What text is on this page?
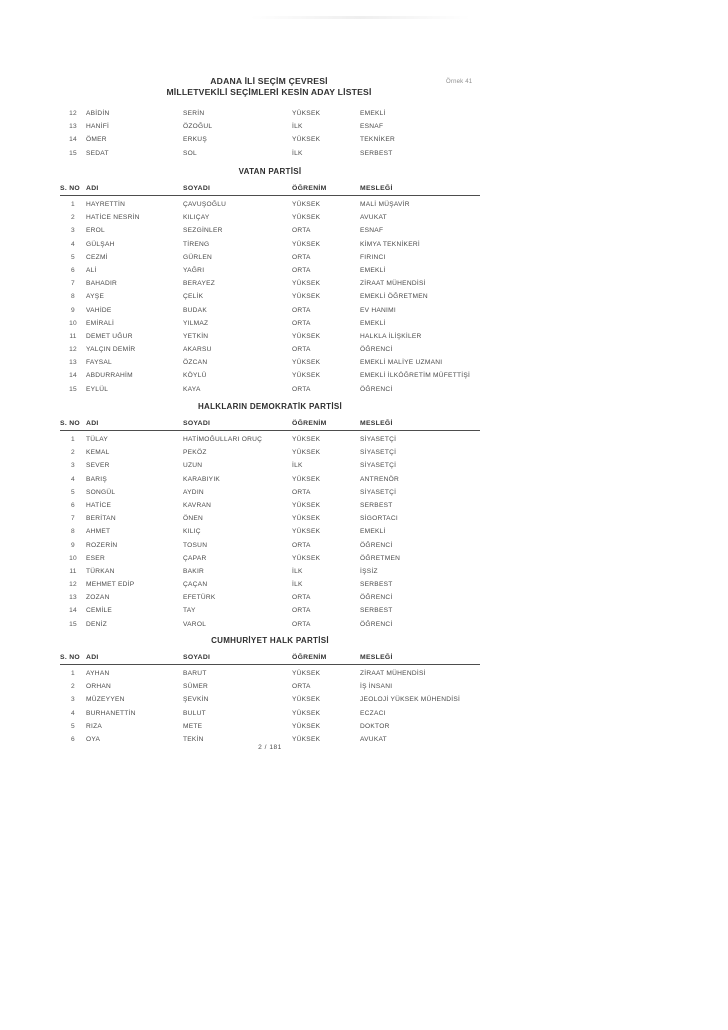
ADANA İLİ SEÇİM ÇEVRESİ
MİLLETVEKİLİ SEÇİMLERİ KESİN ADAY LİSTESİ
Örnek 41
12	ABİDİN	SERİN	YÜKSEK	EMEKLİ
13	HANİFİ	ÖZOĞUL	İLK	ESNAF
14	ÖMER	ERKUŞ	YÜKSEK	TEKNİKER
15	SEDAT	SOL	İLK	SERBEST
VATAN PARTİSİ
S. NO ADI	SOYADI	ÖĞRENİM	MESLEĞİ
1	HAYRETTİN	ÇAVUŞOĞLU	YÜKSEK	MALİ MÜŞAVİR
2	HATİCE NESRİN	KILIÇAY	YÜKSEK	AVUKAT
3	EROL	SEZGİNLER	ORTA	ESNAF
4	GÜLŞAH	TİRENG	YÜKSEK	KİMYA TEKNİKERİ
5	CEZMİ	GÜRLEN	ORTA	FIRINCI
6	ALİ	YAĞRI	ORTA	EMEKLİ
7	BAHADIR	BERAYEZ	YÜKSEK	ZİRAAT MÜHENDİSİ
8	AYŞE	ÇELİK	YÜKSEK	EMEKLİ ÖĞRETMEN
9	VAHİDE	BUDAK	ORTA	EV HANIMI
10	EMİRALİ	YILMAZ	ORTA	EMEKLİ
11	DEMET UĞUR	YETKİN	YÜKSEK	HALKLA İLİŞKİLER
12	YALÇIN DEMİR	AKARSU	ORTA	ÖĞRENCİ
13	FAYSAL	ÖZCAN	YÜKSEK	EMEKLİ MALİYE UZMANI
14	ABDURRAHİM	KÖYLÜ	YÜKSEK	EMEKLİ İLKÖĞRETİM MÜFETTİŞİ
15	EYLÜL	KAYA	ORTA	ÖĞRENCİ
HALKLARIN DEMOKRATİK PARTİSİ
S. NO ADI	SOYADI	ÖĞRENİM	MESLEĞİ
1	TÜLAY	HATİMOĞULLARI ORUÇ	YÜKSEK	SİYASETÇİ
2	KEMAL	PEKÖZ	YÜKSEK	SİYASETÇİ
3	SEVER	UZUN	İLK	SİYASETÇİ
4	BARIŞ	KARABIYIK	YÜKSEK	ANTRENÖR
5	SONGÜL	AYDIN	ORTA	SİYASETÇİ
6	HATİCE	KAVRAN	YÜKSEK	SERBEST
7	BERİTAN	ÖNEN	YÜKSEK	SİGORTACI
8	AHMET	KILIÇ	YÜKSEK	EMEKLİ
9	ROZERİN	TOSUN	ORTA	ÖĞRENCİ
10	ESER	ÇAPAR	YÜKSEK	ÖĞRETMEN
11	TÜRKAN	BAKIR	İLK	İŞSİZ
12	MEHMET EDİP	ÇAÇAN	İLK	SERBEST
13	ZOZAN	EFETÜRK	ORTA	ÖĞRENCİ
14	CEMİLE	TAY	ORTA	SERBEST
15	DENİZ	VAROL	ORTA	ÖĞRENCİ
CUMHURİYET HALK PARTİSİ
S. NO ADI	SOYADI	ÖĞRENİM	MESLEĞİ
1	AYHAN	BARUT	YÜKSEK	ZİRAAT MÜHENDİSİ
2	ORHAN	SÜMER	ORTA	İŞ İNSANI
3	MÜZEYYEN	ŞEVKİN	YÜKSEK	JEOLOJİ YÜKSEK MÜHENDİSİ
4	BURHANETTİN	BULUT	YÜKSEK	ECZACI
5	RIZA	METE	YÜKSEK	DOKTOR
6	OYA	TEKİN	YÜKSEK	AVUKAT
2 / 181
